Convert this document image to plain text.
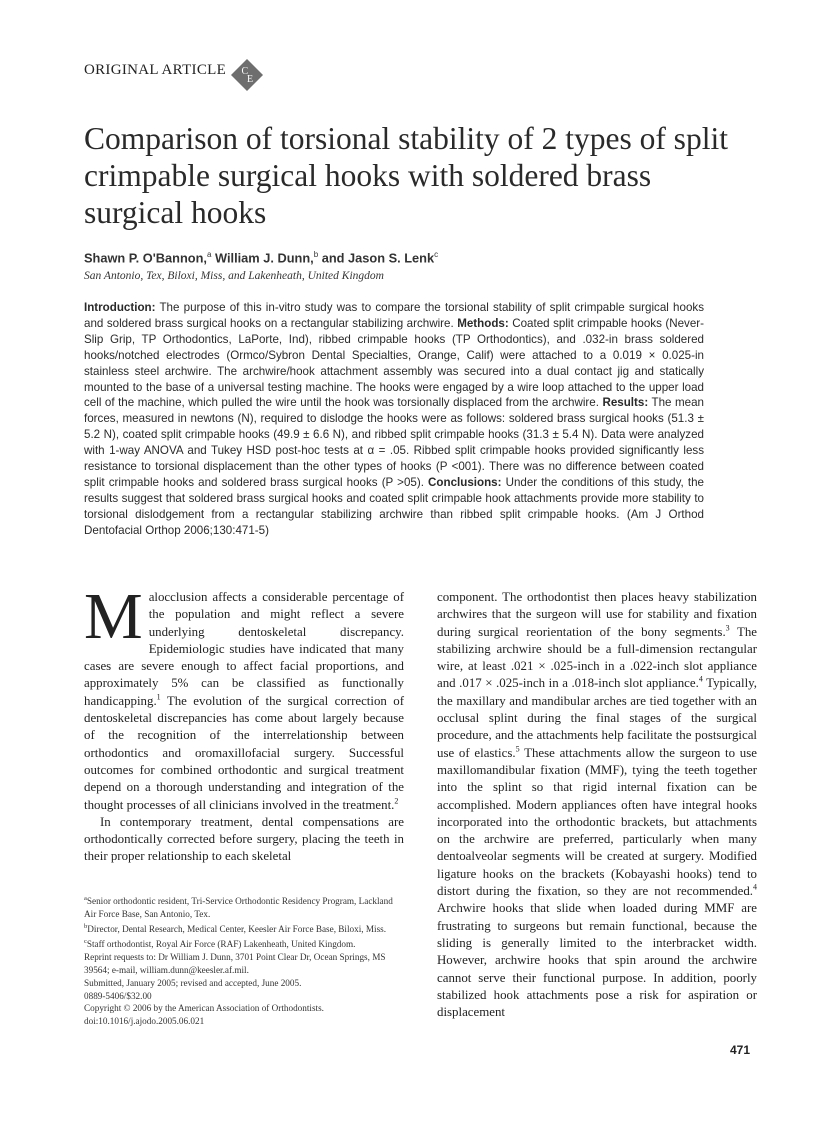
ORIGINAL ARTICLE C
E
Comparison of torsional stability of 2 types of split crimpable surgical hooks with soldered brass surgical hooks
Shawn P. O'Bannon,$^a$ William J. Dunn,$^b$ and Jason S. Lenk$^c$
San Antonio, Tex, Biloxi, Miss, and Lakenheath, United Kingdom
Introduction: The purpose of this in-vitro study was to compare the torsional stability of split crimpable surgical hooks and soldered brass surgical hooks on a rectangular stabilizing archwire. Methods: Coated split crimpable hooks (Never-Slip Grip, TP Orthodontics, LaPorte, Ind), ribbed crimpable hooks (TP Orthodontics), and .032-in brass soldered hooks/notched electrodes (Ormco/Sybron Dental Specialties, Orange, Calif) were attached to a 0.019 × 0.025-in stainless steel archwire. The archwire/hook attachment assembly was secured into a dual contact jig and statically mounted to the base of a universal testing machine. The hooks were engaged by a wire loop attached to the upper load cell of the machine, which pulled the wire until the hook was torsionally displaced from the archwire. Results: The mean forces, measured in newtons (N), required to dislodge the hooks were as follows: soldered brass surgical hooks (51.3 ± 5.2 N), coated split crimpable hooks (49.9 ± 6.6 N), and ribbed split crimpable hooks (31.3 ± 5.4 N). Data were analyzed with 1-way ANOVA and Tukey HSD post-hoc tests at α = .05. Ribbed split crimpable hooks provided significantly less resistance to torsional displacement than the other types of hooks (P <001). There was no difference between coated split crimpable hooks and soldered brass surgical hooks (P >05). Conclusions: Under the conditions of this study, the results suggest that soldered brass surgical hooks and coated split crimpable hook attachments provide more stability to torsional dislodgement from a rectangular stabilizing archwire than ribbed split crimpable hooks. (Am J Orthod Dentofacial Orthop 2006;130:471-5)

Malocclusion affects a considerable percentage of the population and might reflect a severe underlying dentoskeletal discrepancy. Epidemiologic studies have indicated that many cases are severe enough to affect facial proportions, and approximately 5% can be classified as functionally handicapping.$^1$ The evolution of the surgical correction of dentoskeletal discrepancies has come about largely because of the recognition of the interrelationship between orthodontics and oromaxillofacial surgery. Successful outcomes for combined orthodontic and surgical treatment depend on a thorough understanding and integration of the thought processes of all clinicians involved in the treatment.$^2$

In contemporary treatment, dental compensations are orthodontically corrected before surgery, placing the teeth in their proper relationship to each skeletal

component. The orthodontist then places heavy stabilization archwires that the surgeon will use for stability and fixation during surgical reorientation of the bony segments.$^3$ The stabilizing archwire should be a full-dimension rectangular wire, at least .021 × .025-inch in a .022-inch slot appliance and .017 × .025-inch in a .018-inch slot appliance.$^4$ Typically, the maxillary and mandibular arches are tied together with an occlusal splint during the final stages of the surgical procedure, and the attachments help facilitate the postsurgical use of elastics.$^5$ These attachments allow the surgeon to use maxillomandibular fixation (MMF), tying the teeth together into the splint so that rigid internal fixation can be accomplished. Modern appliances often have integral hooks incorporated into the orthodontic brackets, but attachments on the archwire are preferred, particularly when many dentoalveolar segments will be created at surgery. Modified ligature hooks on the brackets (Kobayashi hooks) tend to distort during the fixation, so they are not recommended.$^4$ Archwire hooks that slide when loaded during MMF are frustrating to surgeons but remain functional, because the sliding is generally limited to the interbracket width. However, archwire hooks that spin around the archwire cannot serve their functional purpose. In addition, poorly stabilized hook attachments pose a risk for aspiration or displacement

$^a$Senior orthodontic resident, Tri-Service Orthodontic Residency Program, Lackland Air Force Base, San Antonio, Tex.

$^b$Director, Dental Research, Medical Center, Keesler Air Force Base, Biloxi, Miss.

$^c$Staff orthodontist, Royal Air Force (RAF) Lakenheath, United Kingdom.

Reprint requests to: Dr William J. Dunn, 3701 Point Clear Dr, Ocean Springs, MS 39564; e-mail, william.dunn@keesler.af.mil.

Submitted, January 2005; revised and accepted, June 2005.

0889-5406/$32.00

Copyright © 2006 by the American Association of Orthodontists.

doi:10.1016/j.ajodo.2005.06.021

471
